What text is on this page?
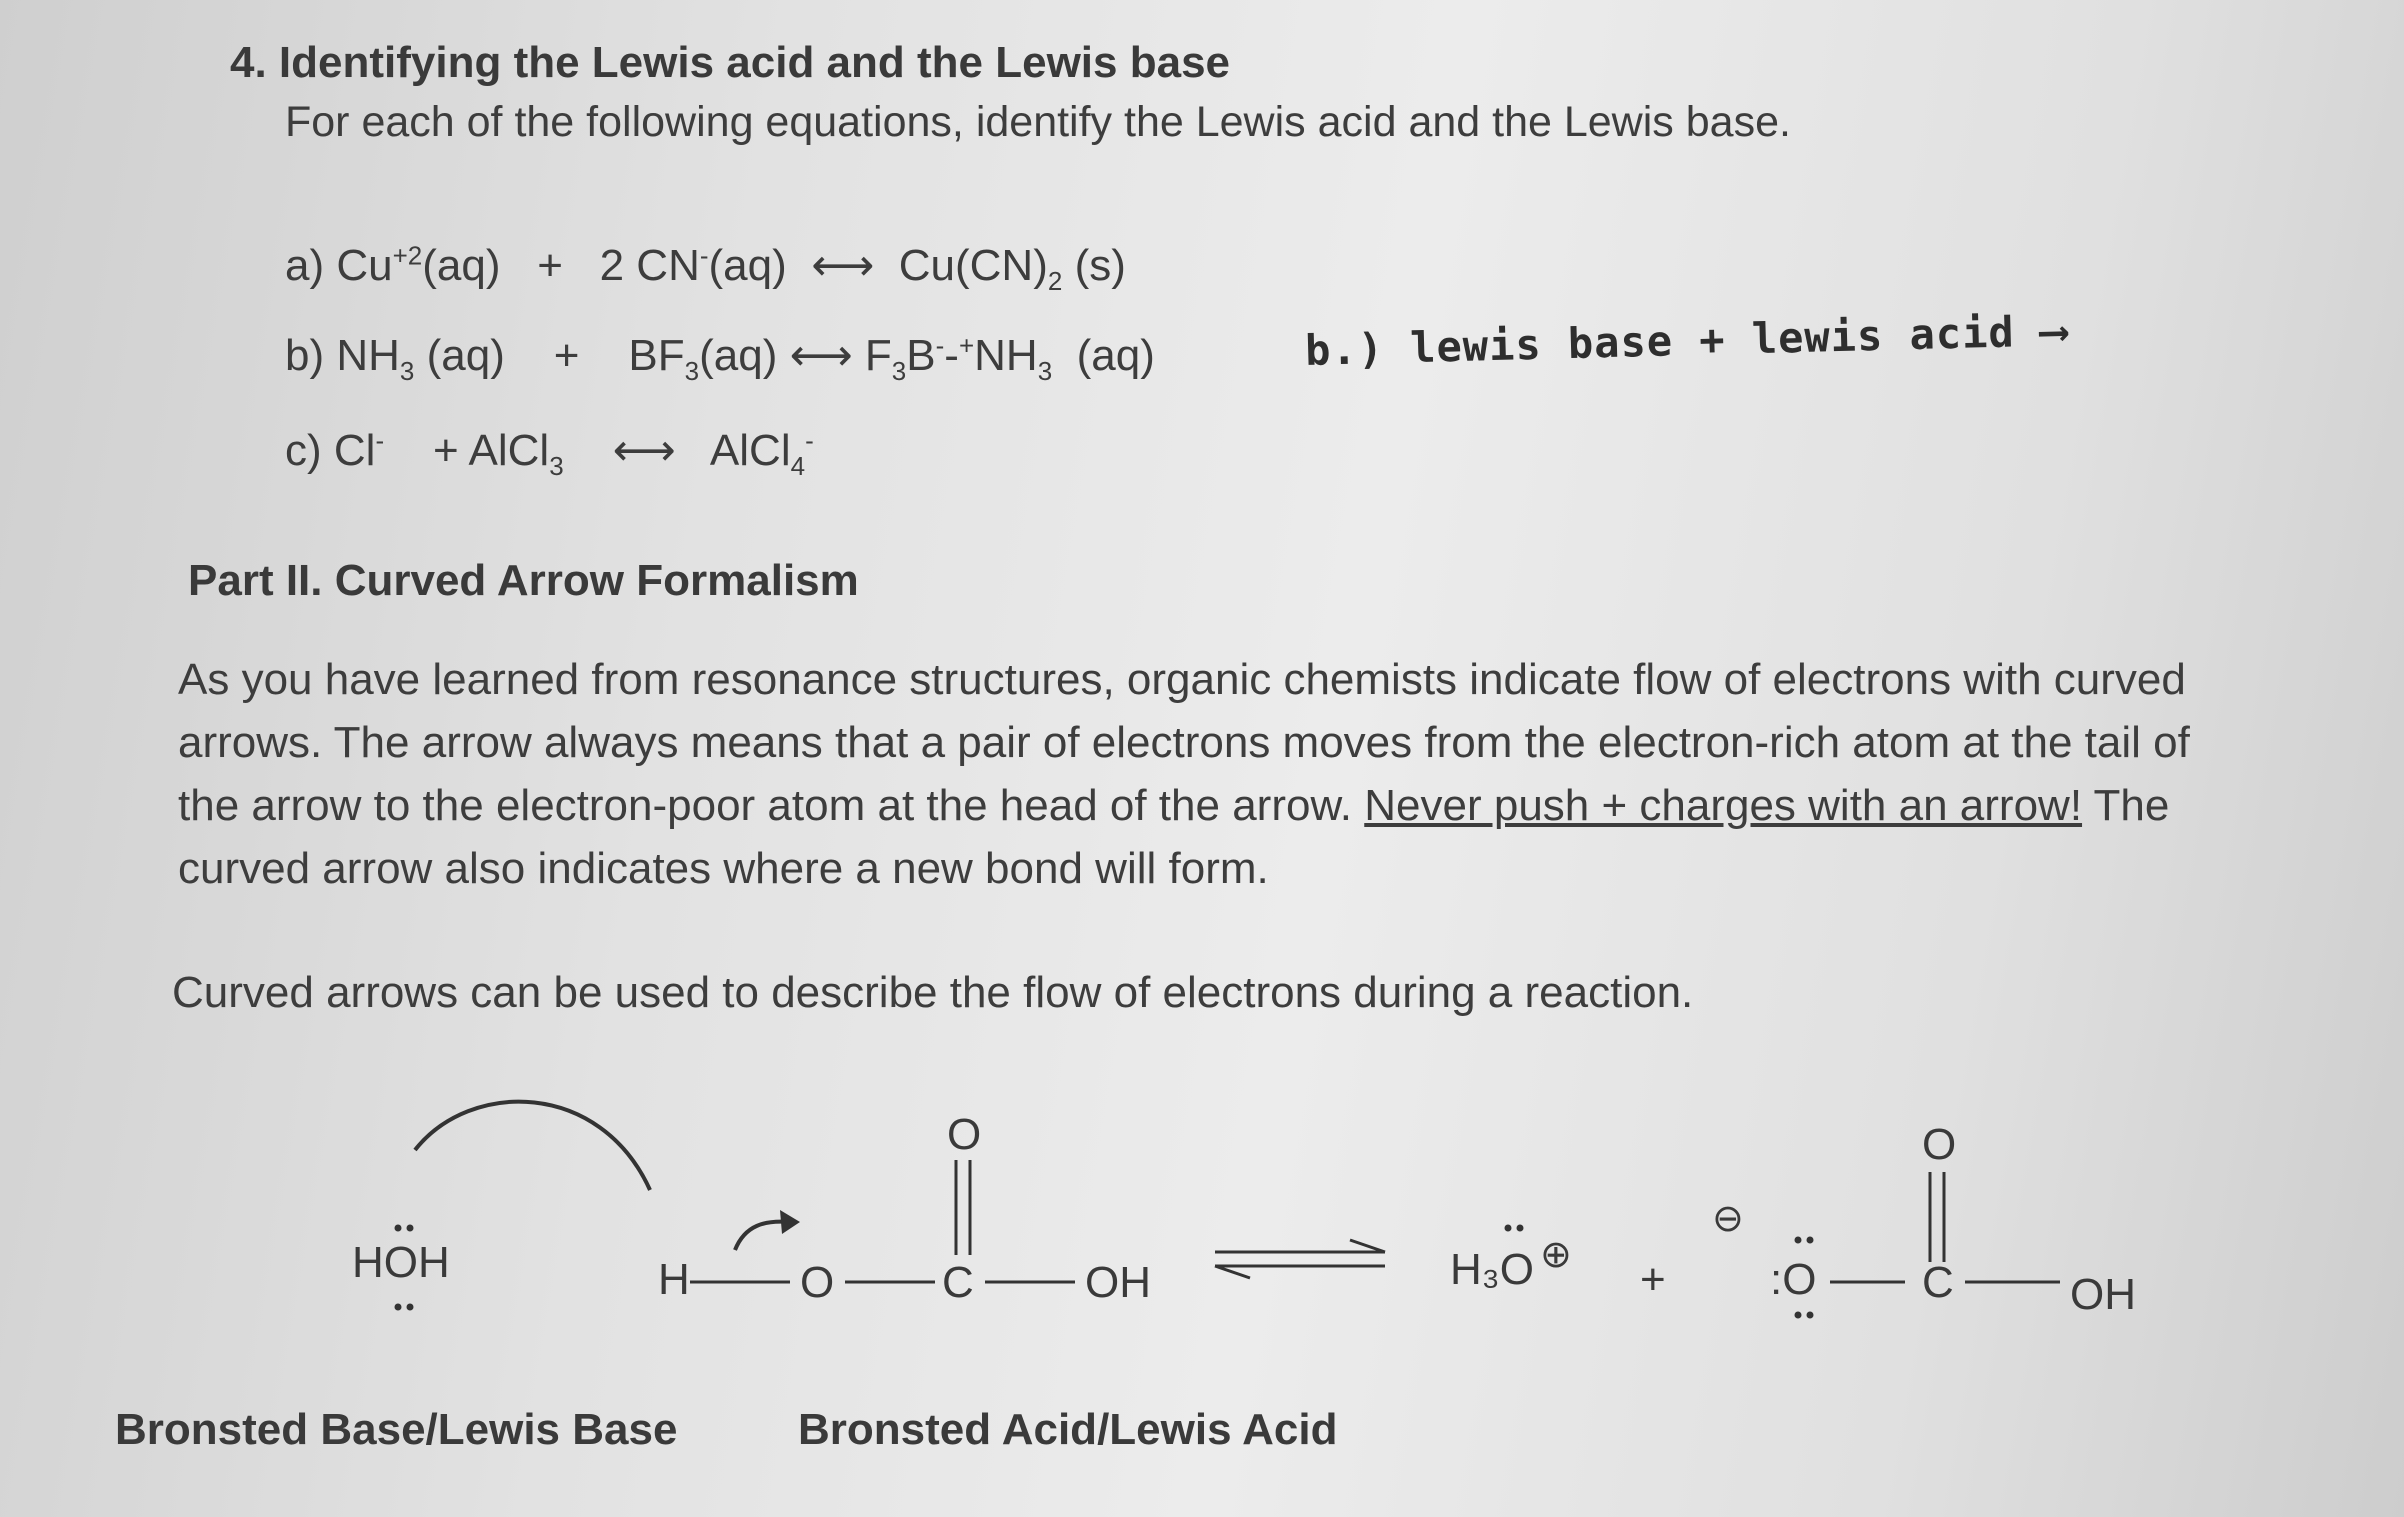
4. Identifying the Lewis acid and the Lewis base
For each of the following equations, identify the Lewis acid and the Lewis base.
a) $Cu^{+2}(aq) + 2$ CN-(aq) ⟷ $Cu(CN)_2$ (s)
b) $NH_3$ $(aq) + BF_3(aq)$ ⟷ $F_3B^--^+NH_3$ (aq)	b.) lewis base + lewis acid ⟶
c) Cl- + AlCl$_3$ ⟷ AlCl$_4$-
Part II. Curved Arrow Formalism
As you have learned from resonance structures, organic chemists indicate flow of electrons with curved arrows. The arrow always means that a pair of electrons moves from the electron-rich atom at the tail of the arrow to the electron-poor atom at the head of the arrow. Never push + charges with an arrow! The curved arrow also indicates where a new bond will form.
Curved arrows can be used to describe the flow of electrons during a reaction.
HOH	H	O C
O
OH	H₃O ⊕ +
⊖
:O C
O
OH
Bronsted Base/Lewis Base	Bronsted Acid/Lewis Acid
